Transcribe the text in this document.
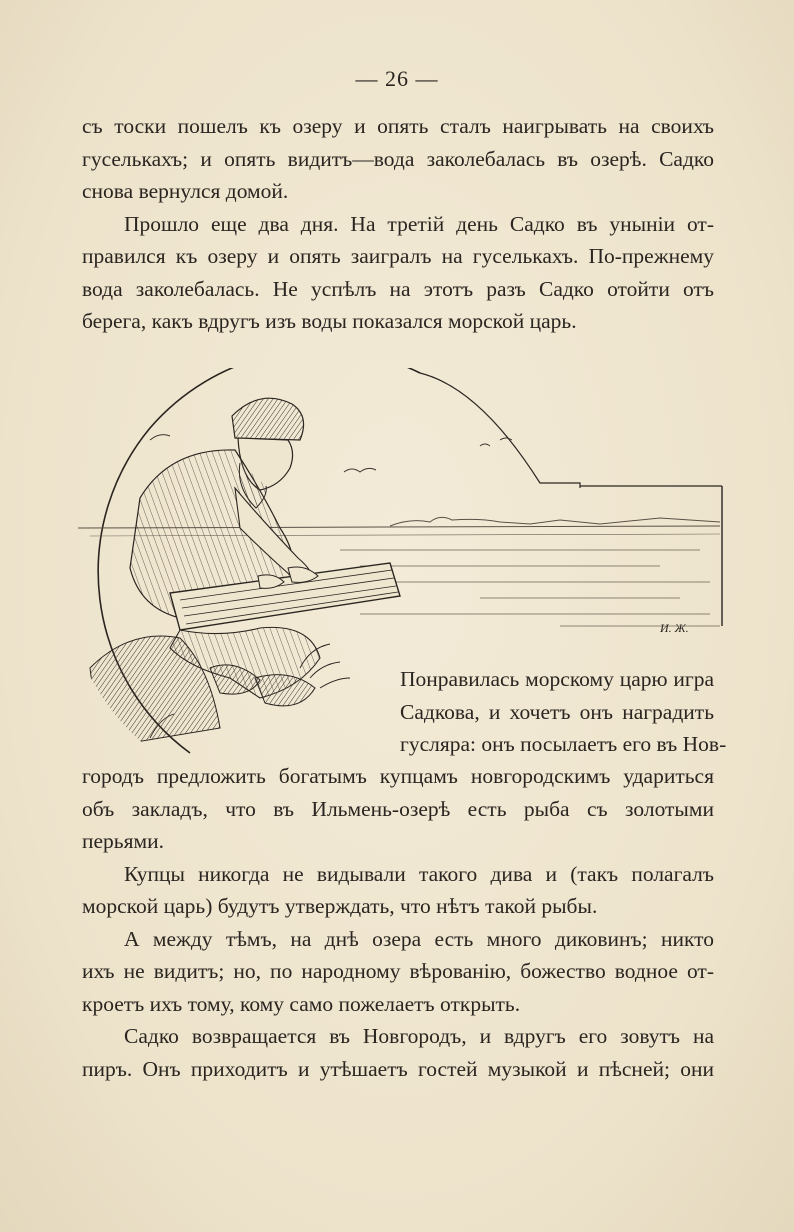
— 26 —
съ тоски пошелъ къ озеру и опять сталъ наигрывать на своихъ
гуселькахъ; и опять видитъ—вода заколебалась въ озерѣ. Садко
снова вернулся домой.
Прошло еще два дня. На третій день Садко въ уныніи от-
правился къ озеру и опять заигралъ на гуселькахъ. По-прежнему
вода заколебалась. Не успѣлъ на этотъ разъ Садко отойти отъ
берега, какъ вдругъ изъ воды показался морской царь.
И. Ж.
Понравилась морскому царю игра
Садкова, и хочетъ онъ наградить
гусляра: онъ посылаетъ его въ Нов-
городъ предложить богатымъ купцамъ новгородскимъ удариться
объ закладъ, что въ Ильмень-озерѣ есть рыба съ золотыми
перьями.
Купцы никогда не видывали такого дива и (такъ полагалъ
морской царь) будутъ утверждать, что нѣтъ такой рыбы.
А между тѣмъ, на днѣ озера есть много диковинъ; никто
ихъ не видитъ; но, по народному вѣрованію, божество водное от-
кроетъ ихъ тому, кому само пожелаетъ открыть.
Садко возвращается въ Новгородъ, и вдругъ его зовутъ на
пиръ. Онъ приходитъ и утѣшаетъ гостей музыкой и пѣсней; они
